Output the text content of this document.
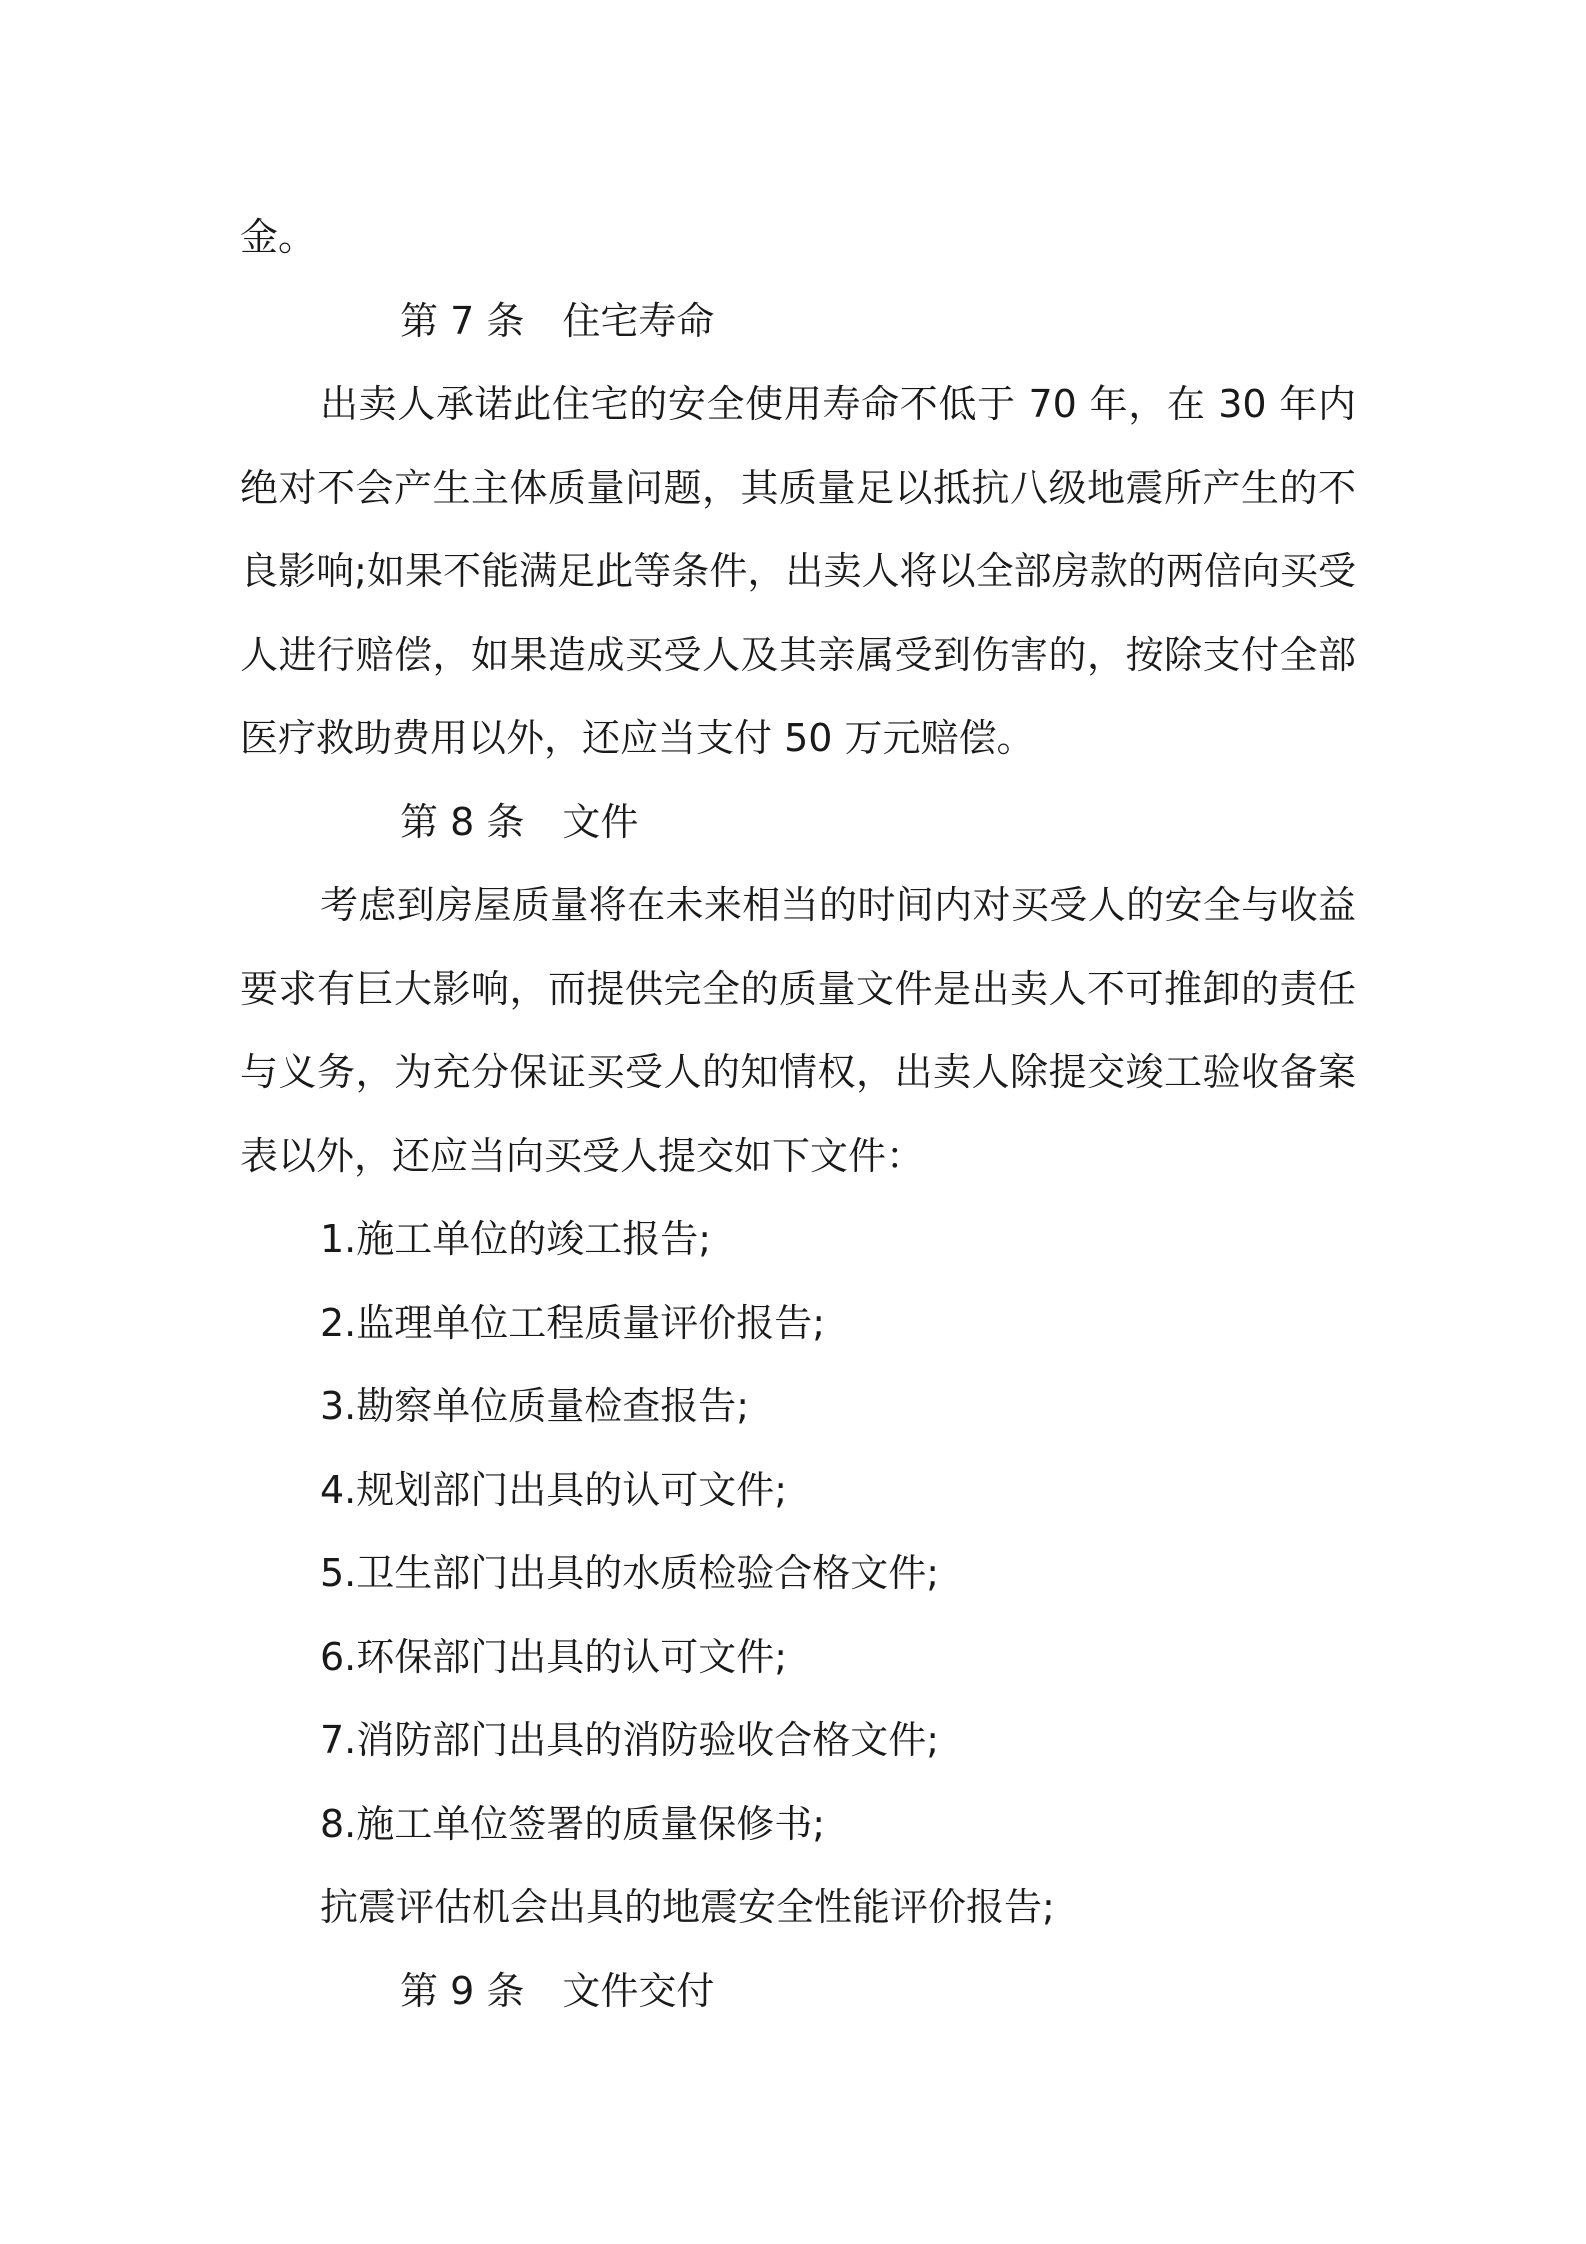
金。

第 7 条 住宅寿命

出卖人承诺此住宅的安全使用寿命不低于 70 年，在 30 年内绝对不会产生主体质量问题，其质量足以抵抗八级地震所产生的不良影响;如果不能满足此等条件，出卖人将以全部房款的两倍向买受人进行赔偿，如果造成买受人及其亲属受到伤害的，按除支付全部医疗救助费用以外，还应当支付 50 万元赔偿。

第 8 条 文件

考虑到房屋质量将在未来相当的时间内对买受人的安全与收益要求有巨大影响，而提供完全的质量文件是出卖人不可推卸的责任与义务，为充分保证买受人的知情权，出卖人除提交竣工验收备案表以外，还应当向买受人提交如下文件：

1.施工单位的竣工报告;

2.监理单位工程质量评价报告;

3.勘察单位质量检查报告;

4.规划部门出具的认可文件;

5.卫生部门出具的水质检验合格文件;

6.环保部门出具的认可文件;

7.消防部门出具的消防验收合格文件;

8.施工单位签署的质量保修书;

抗震评估机会出具的地震安全性能评价报告;

第 9 条 文件交付
